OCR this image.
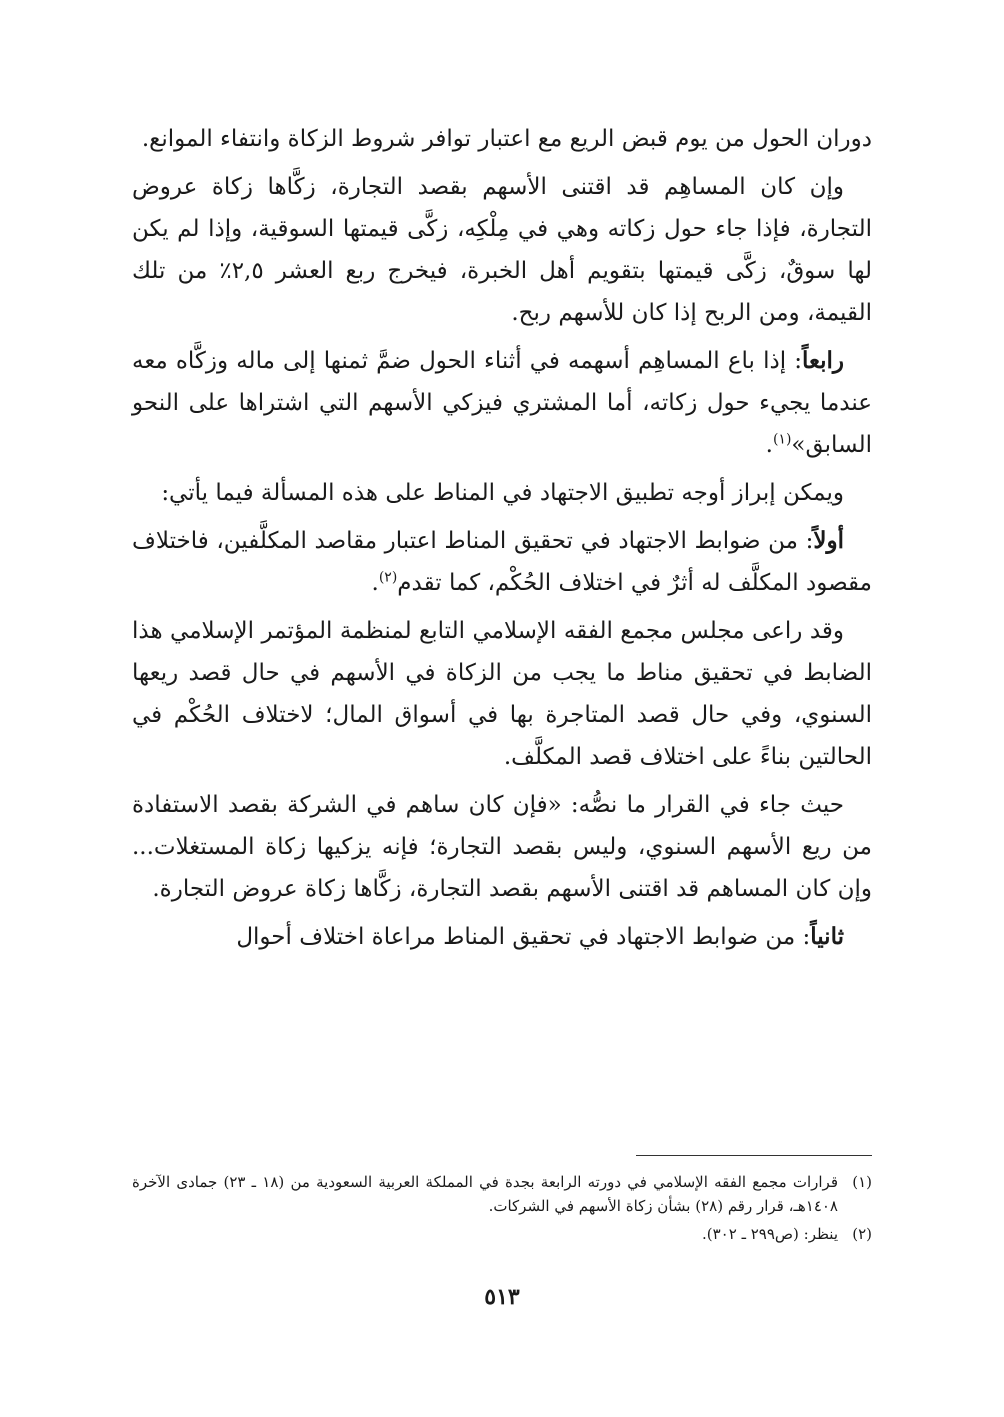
دوران الحول من يوم قبض الريع مع اعتبار توافر شروط الزكاة وانتفاء الموانع.

وإن كان المساهِم قد اقتنى الأسهم بقصد التجارة، زكَّاها زكاة عروض التجارة، فإذا جاء حول زكاته وهي في مِلْكِه، زكَّى قيمتها السوقية، وإذا لم يكن لها سوقٌ، زكَّى قيمتها بتقويم أهل الخبرة، فيخرج ربع العشر ٢,٥٪ من تلك القيمة، ومن الربح إذا كان للأسهم ربح.

رابعاً: إذا باع المساهِم أسهمه في أثناء الحول ضمَّ ثمنها إلى ماله وزكَّاه معه عندما يجيء حول زكاته، أما المشتري فيزكي الأسهم التي اشتراها على النحو السابق»$^{(١)}$.

ويمكن إبراز أوجه تطبيق الاجتهاد في المناط على هذه المسألة فيما يأتي:

أولاً: من ضوابط الاجتهاد في تحقيق المناط اعتبار مقاصد المكلَّفين، فاختلاف مقصود المكلَّف له أثرٌ في اختلاف الحُكْم، كما تقدم$^{(٢)}$.

وقد راعى مجلس مجمع الفقه الإسلامي التابع لمنظمة المؤتمر الإسلامي هذا الضابط في تحقيق مناط ما يجب من الزكاة في الأسهم في حال قصد ريعها السنوي، وفي حال قصد المتاجرة بها في أسواق المال؛ لاختلاف الحُكْم في الحالتين بناءً على اختلاف قصد المكلَّف.

حيث جاء في القرار ما نصُّه: «فإن كان ساهم في الشركة بقصد الاستفادة من ريع الأسهم السنوي، وليس بقصد التجارة؛ فإنه يزكيها زكاة المستغلات... وإن كان المساهم قد اقتنى الأسهم بقصد التجارة، زكَّاها زكاة عروض التجارة.

ثانياً: من ضوابط الاجتهاد في تحقيق المناط مراعاة اختلاف أحوال

(١)
قرارات مجمع الفقه الإسلامي في دورته الرابعة بجدة في المملكة العربية السعودية من (١٨ ـ ٢٣) جمادى الآخرة ١٤٠٨هـ، قرار رقم (٢٨) بشأن زكاة الأسهم في الشركات.
(٢)
ينظر: (ص٢٩٩ ـ ٣٠٢).
٥١٣
